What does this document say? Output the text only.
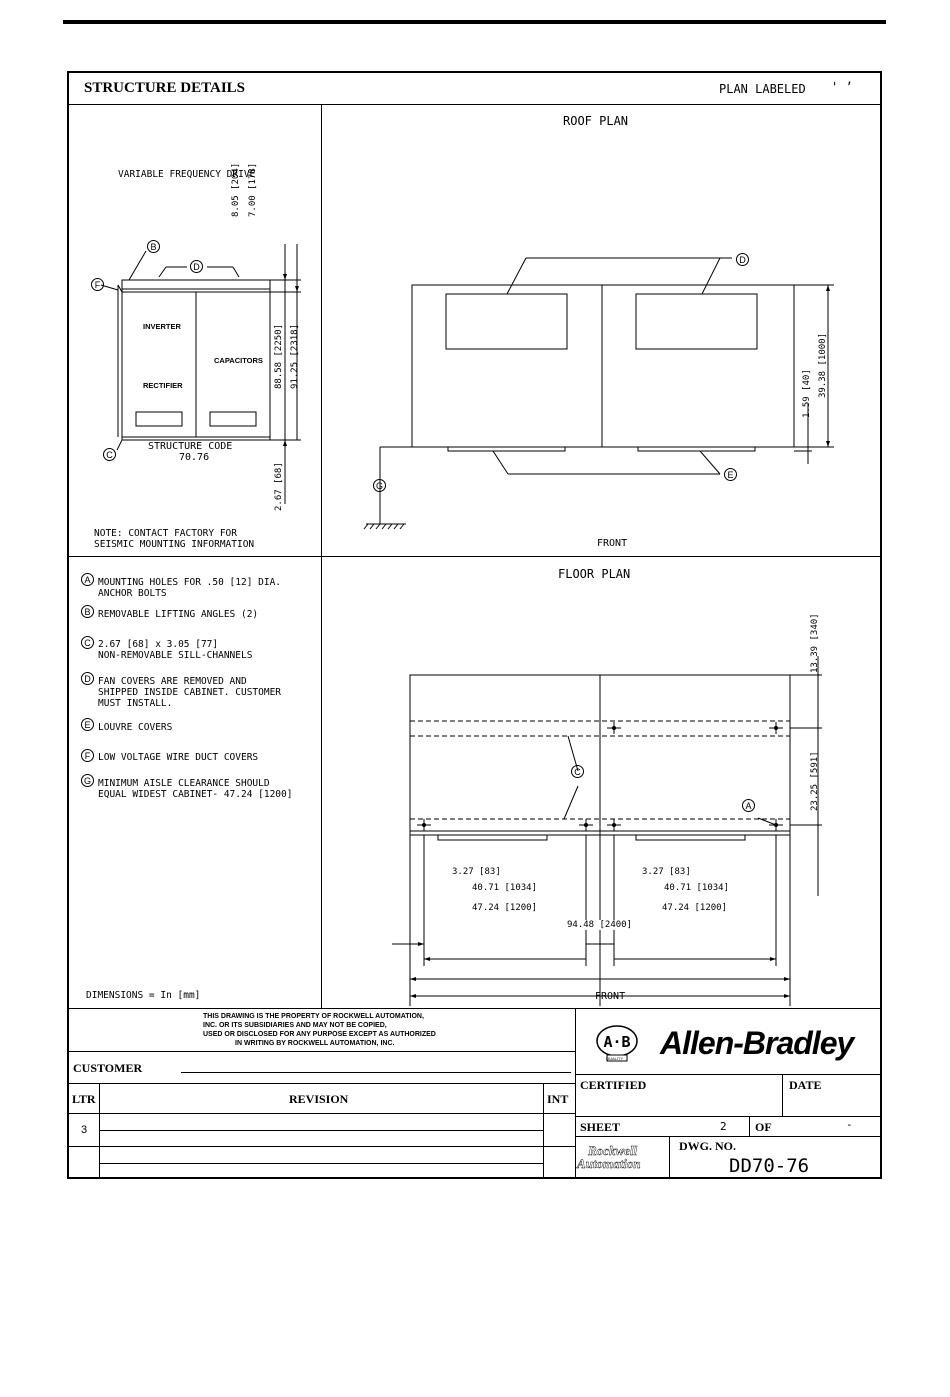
STRUCTURE DETAILS	PLAN LABELED ' ’
VARIABLE FREQUENCY DRIVE
B
F
D
C
INVERTER
RECTIFIER
CAPACITORS
STRUCTURE CODE
70.76
8.05 [204] 7.00 [178]
88.58 [2250] 91.25 [2318]
2.67 [68]
NOTE: CONTACT FACTORY FOR
SEISMIC MOUNTING INFORMATION
ROOF PLAN
D
E
G
1.59 [40] 39.38 [1000]
FRONT
A MOUNTING HOLES FOR .50 [12] DIA.
ANCHOR BOLTS
B REMOVABLE LIFTING ANGLES (2)
C 2.67 [68] x 3.05 [77]
NON-REMOVABLE SILL-CHANNELS
D FAN COVERS ARE REMOVED AND
SHIPPED INSIDE CABINET. CUSTOMER
MUST INSTALL.
E LOUVRE COVERS
F LOW VOLTAGE WIRE DUCT COVERS
G MINIMUM AISLE CLEARANCE SHOULD
EQUAL WIDEST CABINET- 47.24 [1200]
DIMENSIONS = In [mm]
FLOOR PLAN
C
A
13.39 [340]
23.25 [591]
3.27 [83]	3.27 [83]
40.71 [1034]	40.71 [1034]
47.24 [1200]	47.24 [1200]
94.48 [2400]
FRONT
THIS DRAWING IS THE PROPERTY OF ROCKWELL AUTOMATION,
INC. OR ITS SUBSIDIARIES AND MAY NOT BE COPIED,
USED OR DISCLOSED FOR ANY PURPOSE EXCEPT AS AUTHORIZED
IN WRITING BY ROCKWELL AUTOMATION, INC.
CUSTOMER
LTR	REVISION	INT
3
A·B
QUALITY Allen-Bradley
CERTIFIED	DATE
SHEET	2 OF	-
Rockwell
Automation
DWG. NO.
DD70-76
